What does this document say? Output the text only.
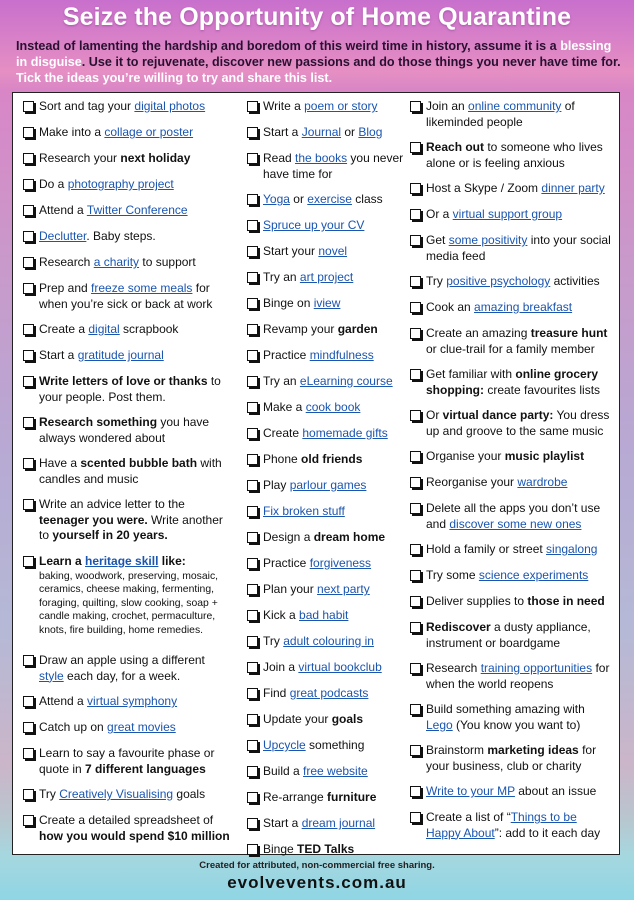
Seize the Opportunity of Home Quarantine
Instead of lamenting the hardship and boredom of this weird time in history, assume it is a blessing in disguise. Use it to rejuvenate, discover new passions and do those things you never have time for. Tick the ideas you’re willing to try and share this list.
Sort and tag your digital photos
Make into a collage or poster
Research your next holiday
Do a photography project
Attend a Twitter Conference
Declutter. Baby steps.
Research a charity to support
Prep and freeze some meals for when you’re sick or back at work
Create a digital scrapbook
Start a gratitude journal
Write letters of love or thanks to your people. Post them.
Research something you have always wondered about
Have a scented bubble bath with candles and music
Write an advice letter to the teenager you were. Write another to yourself in 20 years.
Learn a heritage skill like:
baking, woodwork, preserving, mosaic, ceramics, cheese making, fermenting, foraging, quilting, slow cooking, soap + candle making, crochet, permaculture, knots, fire building, home remedies.
Draw an apple using a different style each day, for a week.
Attend a virtual symphony
Catch up on great movies
Learn to say a favourite phase or quote in 7 different languages
Try Creatively Visualising goals
Create a detailed spreadsheet of how you would spend $10 million
Write a poem or story
Start a Journal or Blog
Read the books you never have time for
Yoga or exercise class
Spruce up your CV
Start your novel
Try an art project
Binge on iview
Revamp your garden
Practice mindfulness
Try an eLearning course
Make a cook book
Create homemade gifts
Phone old friends
Play parlour games
Fix broken stuff
Design a dream home
Practice forgiveness
Plan your next party
Kick a bad habit
Try adult colouring in
Join a virtual bookclub
Find great podcasts
Update your goals
Upcycle something
Build a free website
Re-arrange furniture
Start a dream journal
Binge TED Talks
Join an online community of likeminded people
Reach out to someone who lives alone or is feeling anxious
Host a Skype / Zoom dinner party
Or a virtual support group
Get some positivity into your social media feed
Try positive psychology activities
Cook an amazing breakfast
Create an amazing treasure hunt or clue-trail for a family member
Get familiar with online grocery shopping: create favourites lists
Or virtual dance party: You dress up and groove to the same music
Organise your music playlist
Reorganise your wardrobe
Delete all the apps you don’t use and discover some new ones
Hold a family or street singalong
Try some science experiments
Deliver supplies to those in need
Rediscover a dusty appliance, instrument or boardgame
Research training opportunities for when the world reopens
Build something amazing with Lego (You know you want to)
Brainstorm marketing ideas for your business, club or charity
Write to your MP about an issue
Create a list of “Things to be Happy About”: add to it each day
Created for attributed, non-commercial free sharing.
evolvevents.com.au
